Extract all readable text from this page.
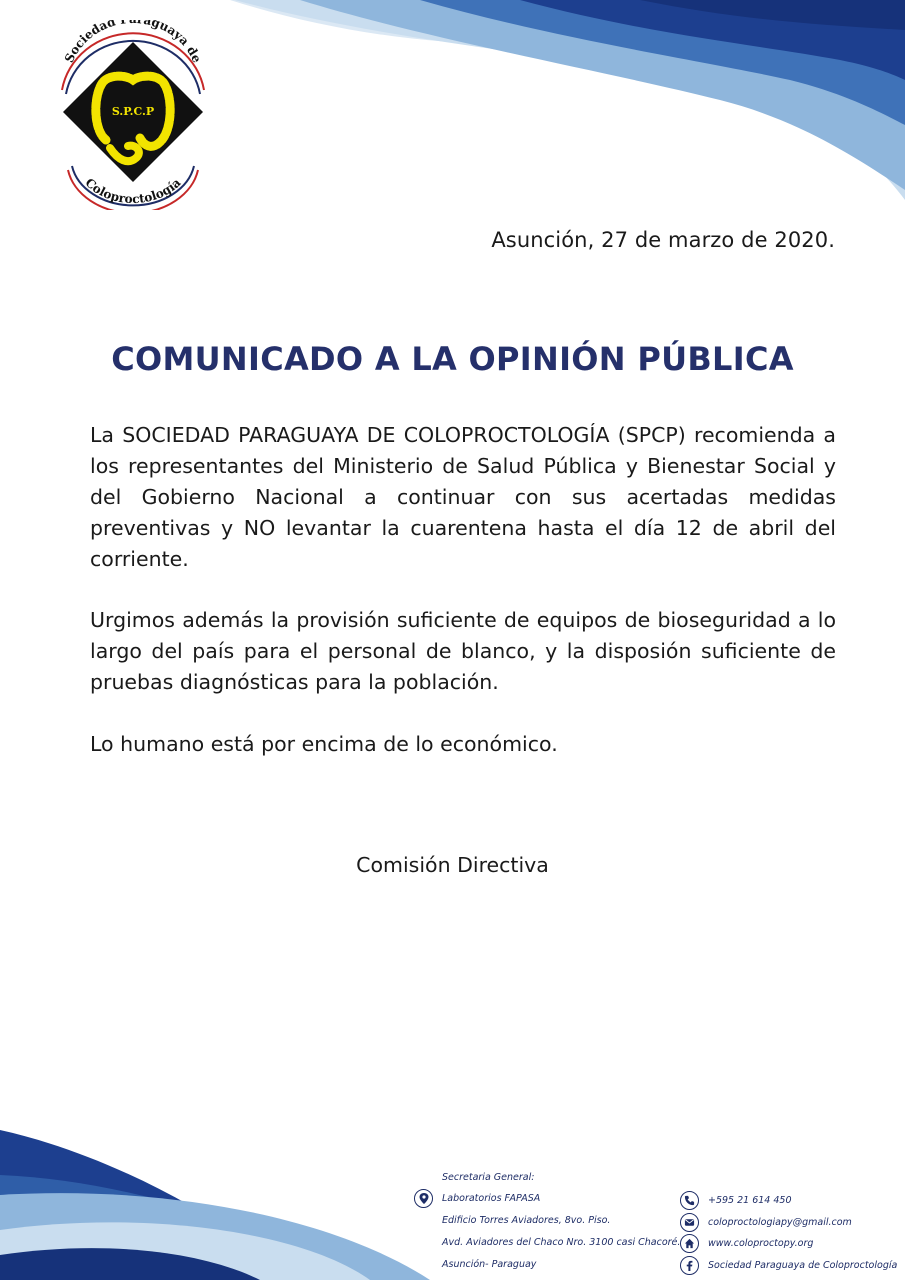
S.P.C.P
Sociedad aguaya de
Coloproctología
Asunción, 27 de marzo de 2020.
COMUNICADO A LA OPINIÓN PÚBLICA
La SOCIEDAD PARAGUAYA DE COLOPROCTOLOGÍA (SPCP) recomienda a los representantes del Ministerio de Salud Pública y Bienestar Social y del Gobierno Nacional a continuar con sus acertadas medidas preventivas y NO levantar la cuarentena hasta el día 12 de abril del corriente.
Urgimos además la provisión suficiente de equipos de bioseguridad a lo largo del país para el personal de blanco, y la disposión suficiente de pruebas diagnósticas para la población.
Lo humano está por encima de lo económico.
Comisión Directiva
Secretaria General:
Laboratorios FAPASA
Edificio Torres Aviadores, 8vo. Piso.
Avd. Aviadores del Chaco Nro. 3100 casi Chacoré.
Asunción- Paraguay
+595 21 614 450
coloproctologiapy@gmail.com
www.coloproctopy.org
Sociedad Paraguaya de Coloproctología
